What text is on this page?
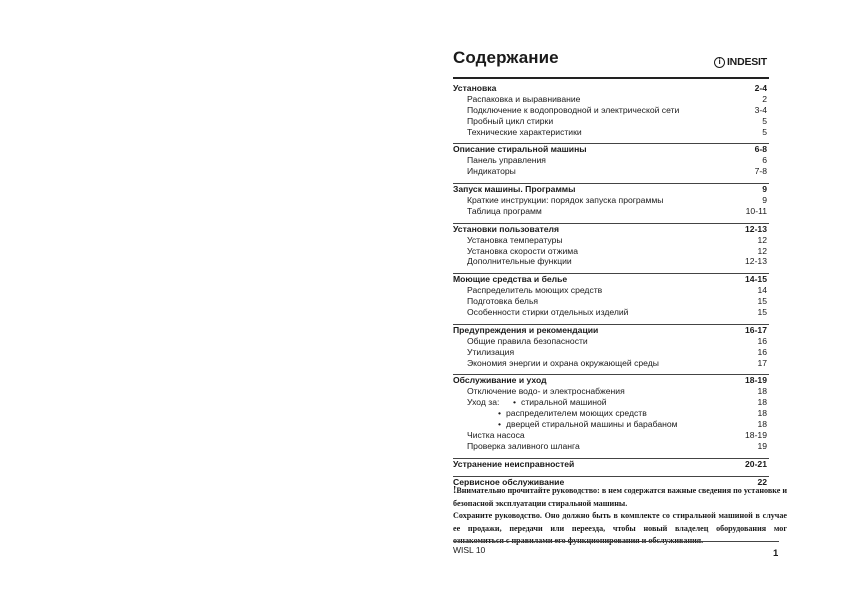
Содержание	i INDESIT
Установка	2-4
Распаковка и выравнивание	2
Подключение к водопроводной и электрической сети	3-4
Пробный цикл стирки	5
Технические характеристики	5
Описание стиральной машины	6-8
Панель управления	6
Индикаторы	7-8
Запуск машины. Программы	9
Краткие инструкции: порядок запуска программы	9
Таблица программ	10-11
Установки пользователя	12-13
Установка температуры	12
Установка скорости отжима	12
Дополнительные функции	12-13
Моющие средства и белье	14-15
Распределитель моющих средств	14
Подготовка белья	15
Особенности стирки отдельных изделий	15
Предупреждения и рекомендации	16-17
Общие правила безопасности	16
Утилизация	16
Экономия энергии и охрана окружающей среды	17
Обслуживание и уход	18-19
Отключение водо- и электроснабжения	18
Уход за:	• стиральной машиной	18
• распределителем моющих средств	18
• дверцей стиральной машины и барабаном	18
Чистка насоса	18-19
Проверка заливного шланга	19
Устранение неисправностей	20-21
Сервисное обслуживание	22

!Внимательно прочитайте руководство: в нем содержатся важные сведения по установке и безопасной эксплуатации стиральной машины.

Сохраните руководство. Оно должно быть в комплекте со стиральной машиной в случае ее продажи, передачи или переезда, чтобы новый владелец оборудования мог ознакомиться с правилами его функционирования и обслуживания.

WISL 10	1
